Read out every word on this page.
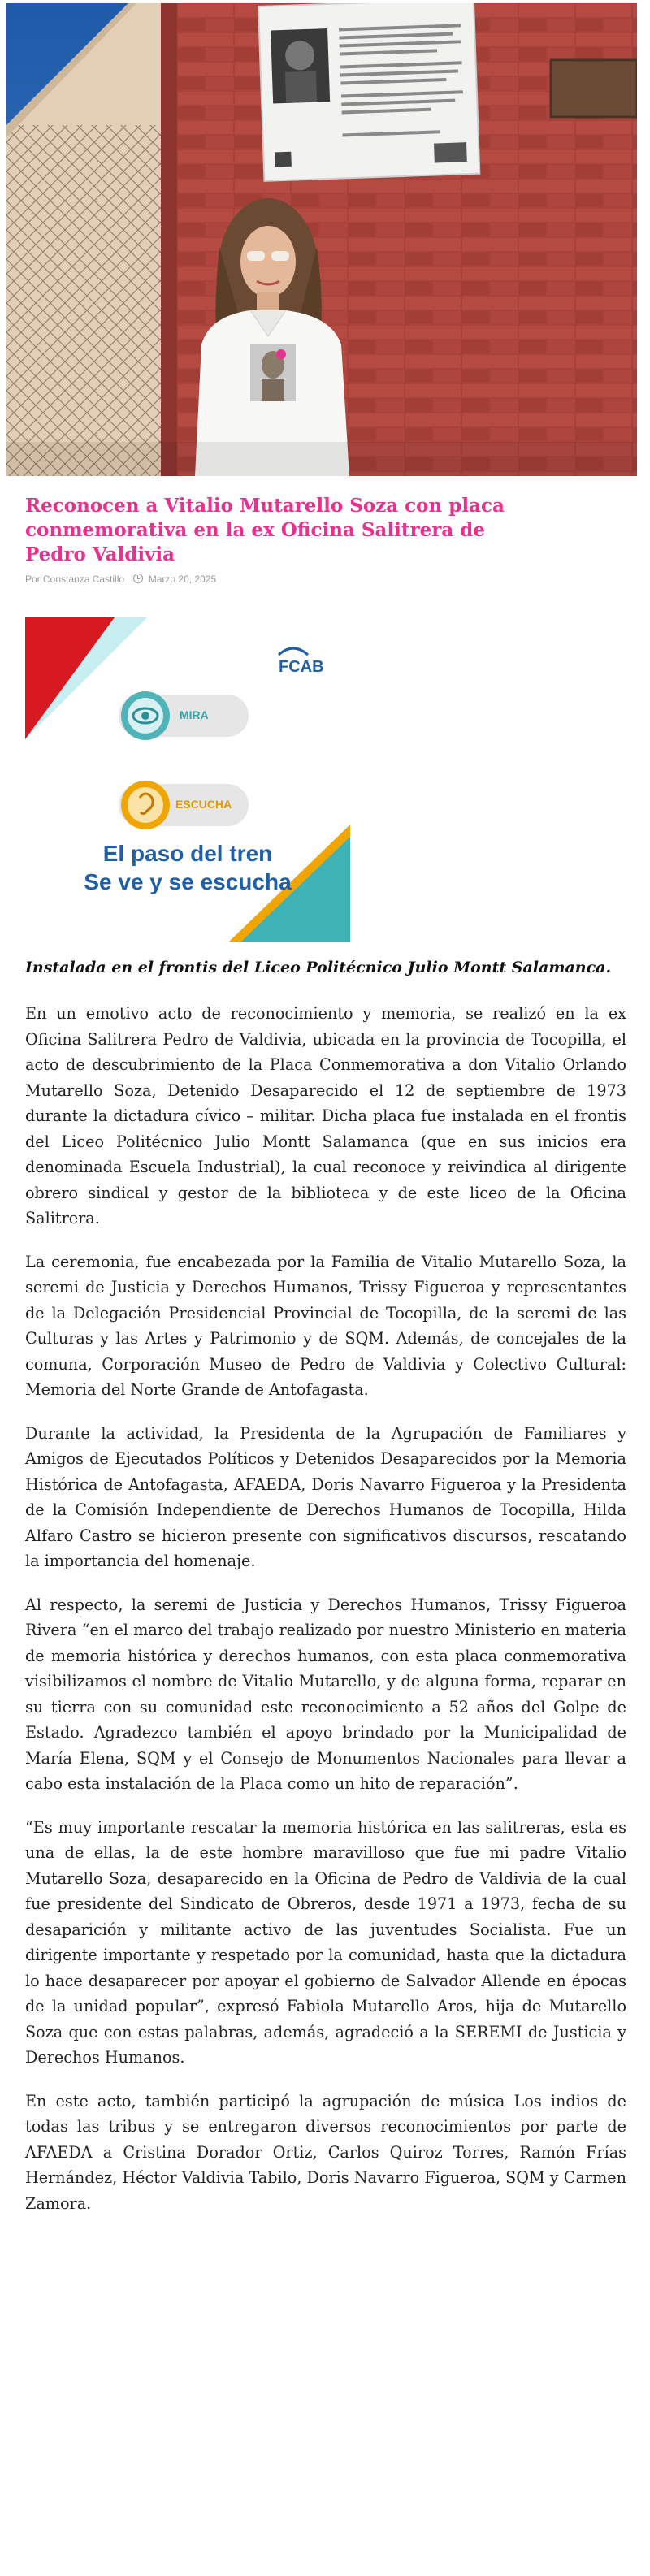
Reconocen a Vitalio Mutarello Soza con placa conmemorativa en la ex Oficina Salitrera de Pedro Valdivia
Por Constanza Castillo Marzo 20, 2025
MIRA
ESCUCHA
FCAB
El paso del tren
Se ve y se escucha

Instalada en el frontis del Liceo Politécnico Julio Montt Salamanca.

En un emotivo acto de reconocimiento y memoria, se realizó en la ex Oficina Salitrera Pedro de Valdivia, ubicada en la provincia de Tocopilla, el acto de descubrimiento de la Placa Conmemorativa a don Vitalio Orlando Mutarello Soza, Detenido Desaparecido el 12 de septiembre de 1973 durante la dictadura cívico – militar. Dicha placa fue instalada en el frontis del Liceo Politécnico Julio Montt Salamanca (que en sus inicios era denominada Escuela Industrial), la cual reconoce y reivindica al dirigente obrero sindical y gestor de la biblioteca y de este liceo de la Oficina Salitrera.

La ceremonia, fue encabezada por la Familia de Vitalio Mutarello Soza, la seremi de Justicia y Derechos Humanos, Trissy Figueroa y representantes de la Delegación Presidencial Provincial de Tocopilla, de la seremi de las Culturas y las Artes y Patrimonio y de SQM. Además, de concejales de la comuna, Corporación Museo de Pedro de Valdivia y Colectivo Cultural: Memoria del Norte Grande de Antofagasta.

Durante la actividad, la Presidenta de la Agrupación de Familiares y Amigos de Ejecutados Políticos y Detenidos Desaparecidos por la Memoria Histórica de Antofagasta, AFAEDA, Doris Navarro Figueroa y la Presidenta de la Comisión Independiente de Derechos Humanos de Tocopilla, Hilda Alfaro Castro se hicieron presente con significativos discursos, rescatando la importancia del homenaje.

Al respecto, la seremi de Justicia y Derechos Humanos, Trissy Figueroa Rivera “en el marco del trabajo realizado por nuestro Ministerio en materia de memoria histórica y derechos humanos, con esta placa conmemorativa visibilizamos el nombre de Vitalio Mutarello, y de alguna forma, reparar en su tierra con su comunidad este reconocimiento a 52 años del Golpe de Estado. Agradezco también el apoyo brindado por la Municipalidad de María Elena, SQM y el Consejo de Monumentos Nacionales para llevar a cabo esta instalación de la Placa como un hito de reparación”.

“Es muy importante rescatar la memoria histórica en las salitreras, esta es una de ellas, la de este hombre maravilloso que fue mi padre Vitalio Mutarello Soza, desaparecido en la Oficina de Pedro de Valdivia de la cual fue presidente del Sindicato de Obreros, desde 1971 a 1973, fecha de su desaparición y militante activo de las juventudes Socialista. Fue un dirigente importante y respetado por la comunidad, hasta que la dictadura lo hace desaparecer por apoyar el gobierno de Salvador Allende en épocas de la unidad popular”, expresó Fabiola Mutarello Aros, hija de Mutarello Soza que con estas palabras, además, agradeció a la SEREMI de Justicia y Derechos Humanos.

En este acto, también participó la agrupación de música Los indios de todas las tribus y se entregaron diversos reconocimientos por parte de AFAEDA a Cristina Dorador Ortiz, Carlos Quiroz Torres, Ramón Frías Hernández, Héctor Valdivia Tabilo, Doris Navarro Figueroa, SQM y Carmen Zamora.
